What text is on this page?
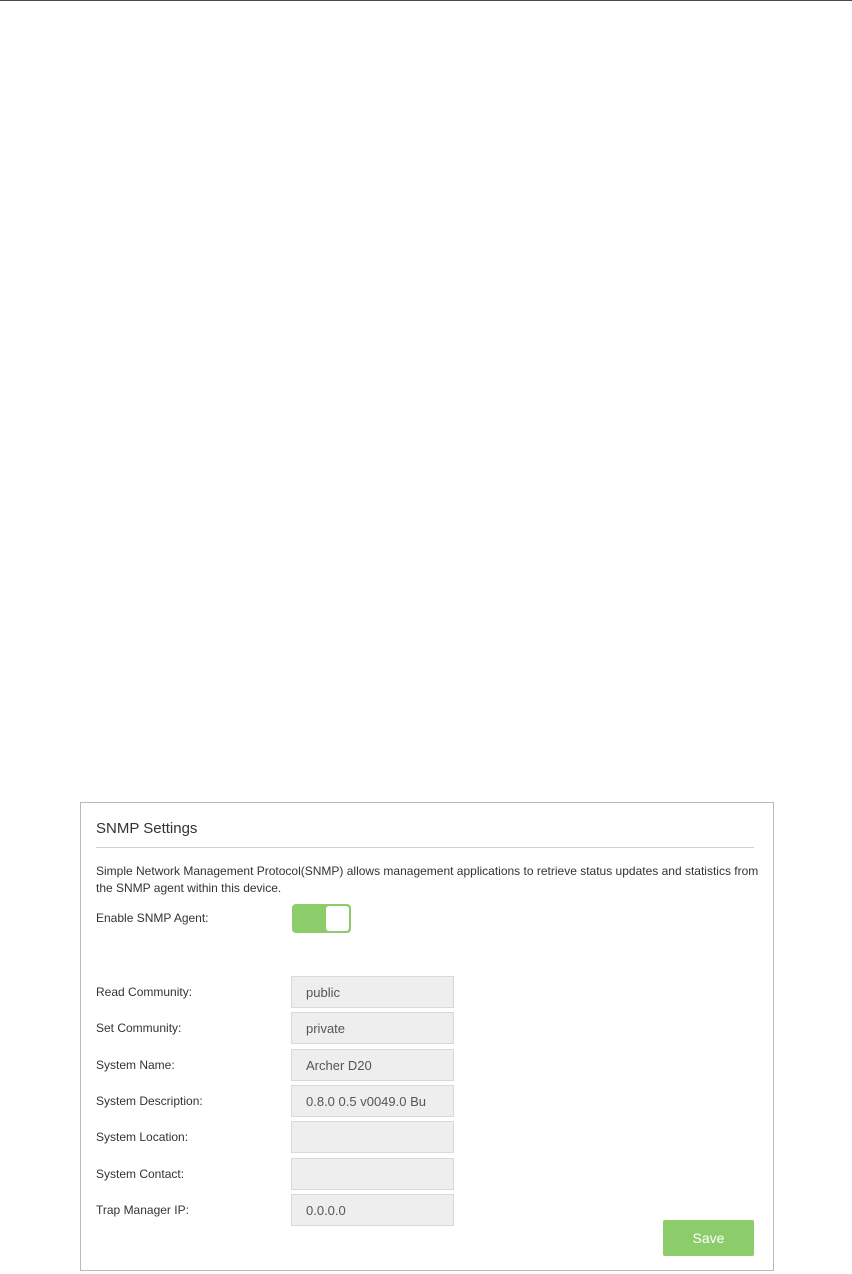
SNMP Settings
Simple Network Management Protocol(SNMP) allows management applications to retrieve status updates and statistics from the SNMP agent within this device.
Enable SNMP Agent:
Read Community:
public
Set Community:
private
System Name:
Archer D20
System Description:
0.8.0 0.5 v0049.0 Bu
System Location:
System Contact:
Trap Manager IP:
0.0.0.0
Save
